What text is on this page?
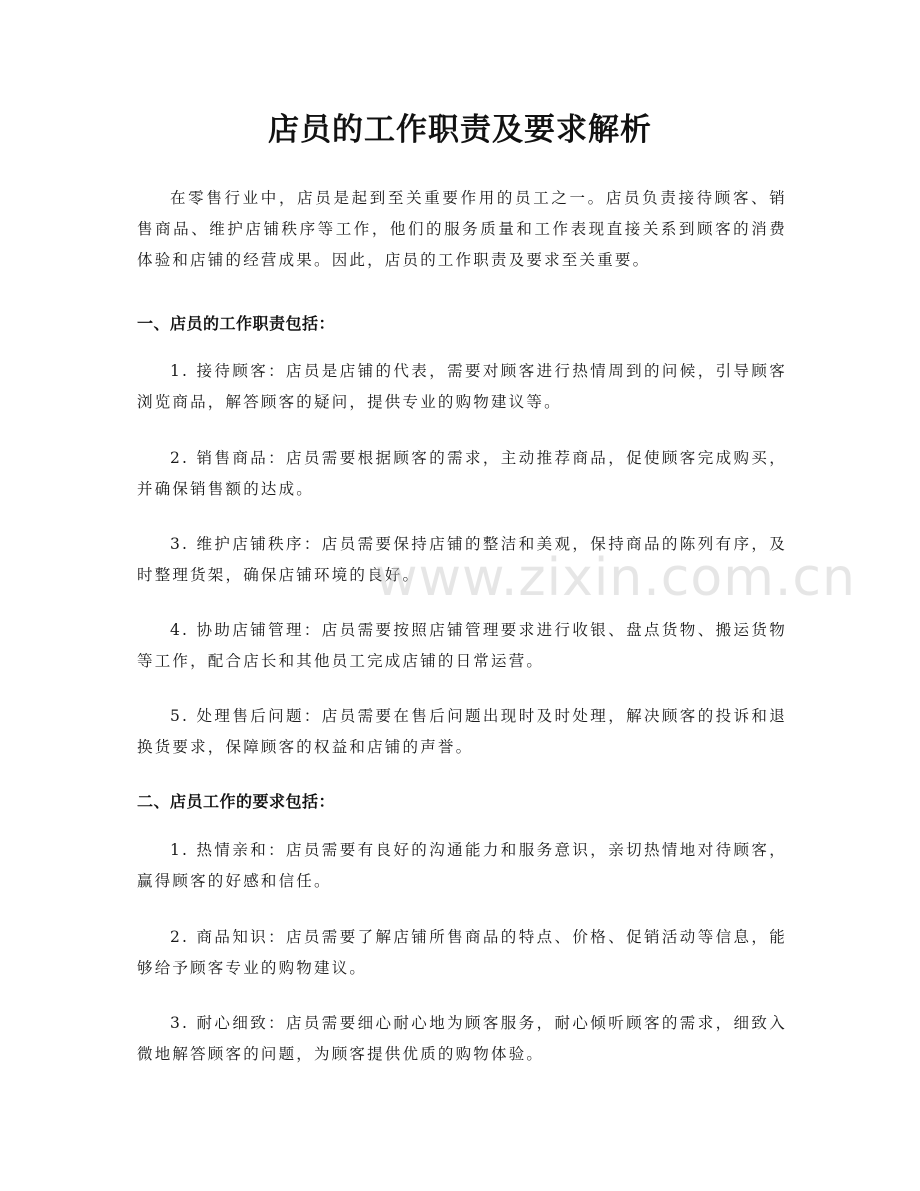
店员的工作职责及要求解析

在零售行业中，店员是起到至关重要作用的员工之一。店员负责接待顾客、销售商品、维护店铺秩序等工作，他们的服务质量和工作表现直接关系到顾客的消费体验和店铺的经营成果。因此，店员的工作职责及要求至关重要。

一、店员的工作职责包括：

1. 接待顾客：店员是店铺的代表，需要对顾客进行热情周到的问候，引导顾客浏览商品，解答顾客的疑问，提供专业的购物建议等。

2. 销售商品：店员需要根据顾客的需求，主动推荐商品，促使顾客完成购买，并确保销售额的达成。

3. 维护店铺秩序：店员需要保持店铺的整洁和美观，保持商品的陈列有序，及时整理货架，确保店铺环境的良好。

4. 协助店铺管理：店员需要按照店铺管理要求进行收银、盘点货物、搬运货物等工作，配合店长和其他员工完成店铺的日常运营。

5. 处理售后问题：店员需要在售后问题出现时及时处理，解决顾客的投诉和退换货要求，保障顾客的权益和店铺的声誉。

二、店员工作的要求包括：

1. 热情亲和：店员需要有良好的沟通能力和服务意识，亲切热情地对待顾客，赢得顾客的好感和信任。

2. 商品知识：店员需要了解店铺所售商品的特点、价格、促销活动等信息，能够给予顾客专业的购物建议。

3. 耐心细致：店员需要细心耐心地为顾客服务，耐心倾听顾客的需求，细致入微地解答顾客的问题，为顾客提供优质的购物体验。

www.zixin.com.cn
